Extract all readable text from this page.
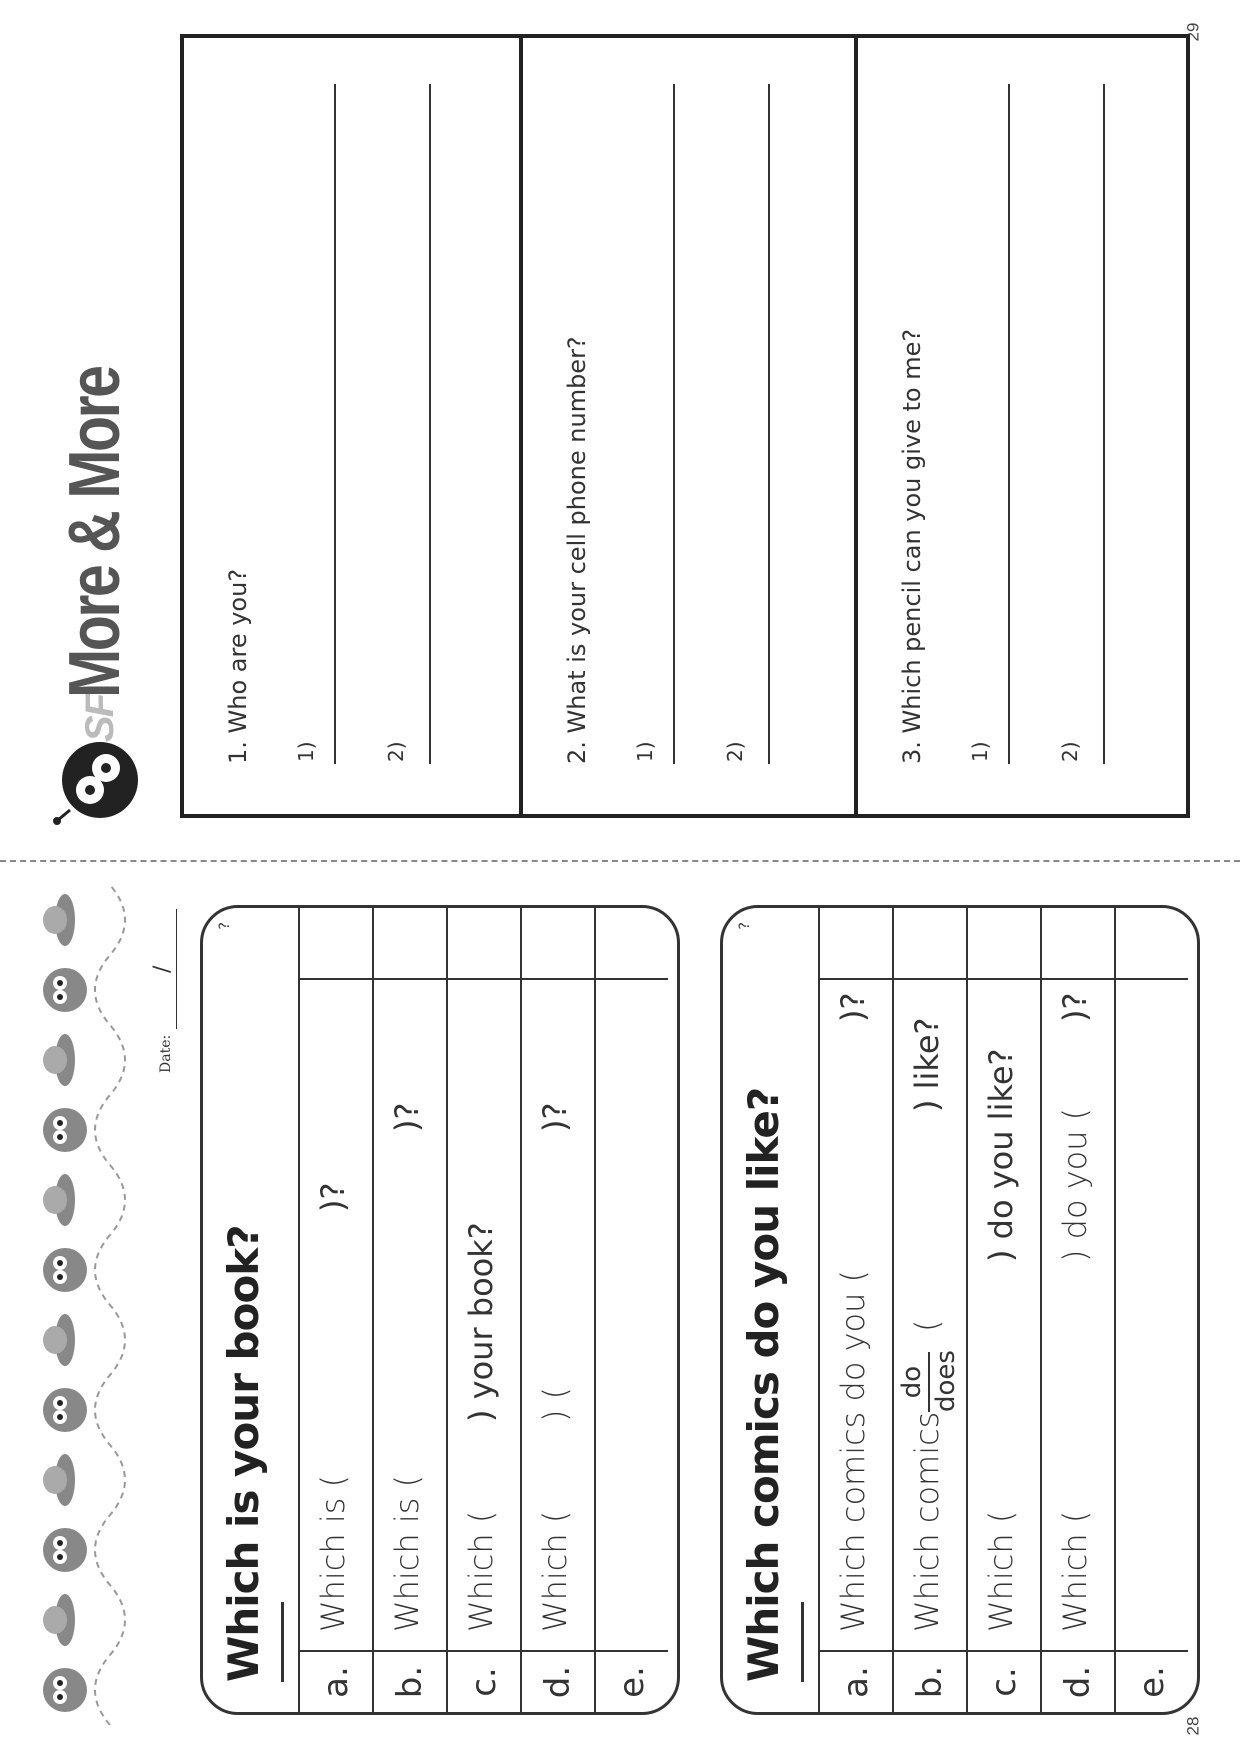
29
28
SF
More & More	1. Who are you? 1)	2)	2. What is your cell phone number? 1)	2)	3. Which pencil can you give to me? 1)	2)
Date:
/
Which is your book?
?
a.
Which is (
)?
b.
Which is (
)?
c.
Which (
) your book?
d.
Which (
) (
)?
e.
Which comics do you like?
?
a.
Which comics do you (
)?
b.
Which comics
do does
(
) like?
c.
Which (
) do you like?
d.
Which (
) do you (
)?
e.
